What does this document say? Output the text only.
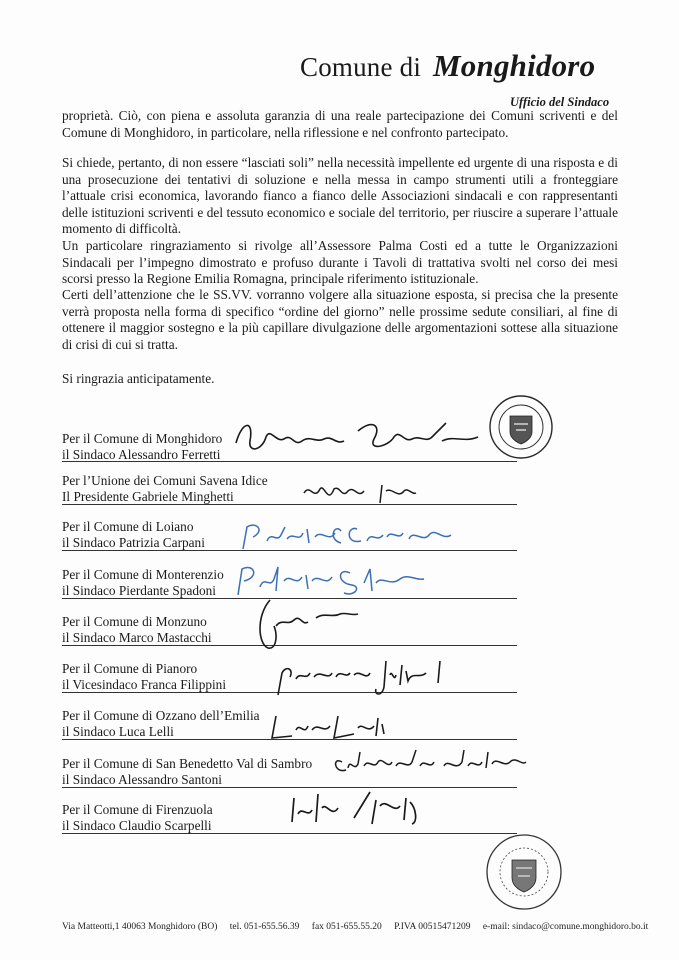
Comune di Monghidoro
Ufficio del Sindaco

proprietà. Ciò, con piena e assoluta garanzia di una reale partecipazione dei Comuni scriventi e del Comune di Monghidoro, in particolare, nella riflessione e nel confronto partecipato.

Si chiede, pertanto, di non essere “lasciati soli” nella necessità impellente ed urgente di una risposta e di una prosecuzione dei tentativi di soluzione e nella messa in campo strumenti utili a fronteggiare l’attuale crisi economica, lavorando fianco a fianco delle Associazioni sindacali e con rappresentanti delle istituzioni scriventi e del tessuto economico e sociale del territorio, per riuscire a superare l’attuale momento di difficoltà.

Un particolare ringraziamento si rivolge all’Assessore Palma Costi ed a tutte le Organizzazioni Sindacali per l’impegno dimostrato e profuso durante i Tavoli di trattativa svolti nel corso dei mesi scorsi presso la Regione Emilia Romagna, principale riferimento istituzionale.

Certi dell’attenzione che le SS.VV. vorranno volgere alla situazione esposta, si precisa che la presente verrà proposta nella forma di specifico “ordine del giorno” nelle prossime sedute consiliari, al fine di ottenere il maggior sostegno e la più capillare divulgazione delle argomentazioni sottese alla situazione di crisi di cui si tratta.

Si ringrazia anticipatamente.
Per il Comune di Monghidoro
il Sindaco Alessandro Ferretti
Per l’Unione dei Comuni Savena Idice
Il Presidente Gabriele Minghetti
Per il Comune di Loiano
il Sindaco Patrizia Carpani
Per il Comune di Monterenzio
il Sindaco Pierdante Spadoni
Per il Comune di Monzuno
il Sindaco Marco Mastacchi
Per il Comune di Pianoro
il Vicesindaco Franca Filippini
Per il Comune di Ozzano dell’Emilia
il Sindaco Luca Lelli
Per il Comune di San Benedetto Val di Sambro
il Sindaco Alessandro Santoni
Per il Comune di Firenzuola
il Sindaco Claudio Scarpelli
Via Matteotti,1 40063 Monghidoro (BO) tel. 051-655.56.39 fax 051-655.55.20 P.IVA 00515471209 e-mail: sindaco@comune.monghidoro.bo.it
